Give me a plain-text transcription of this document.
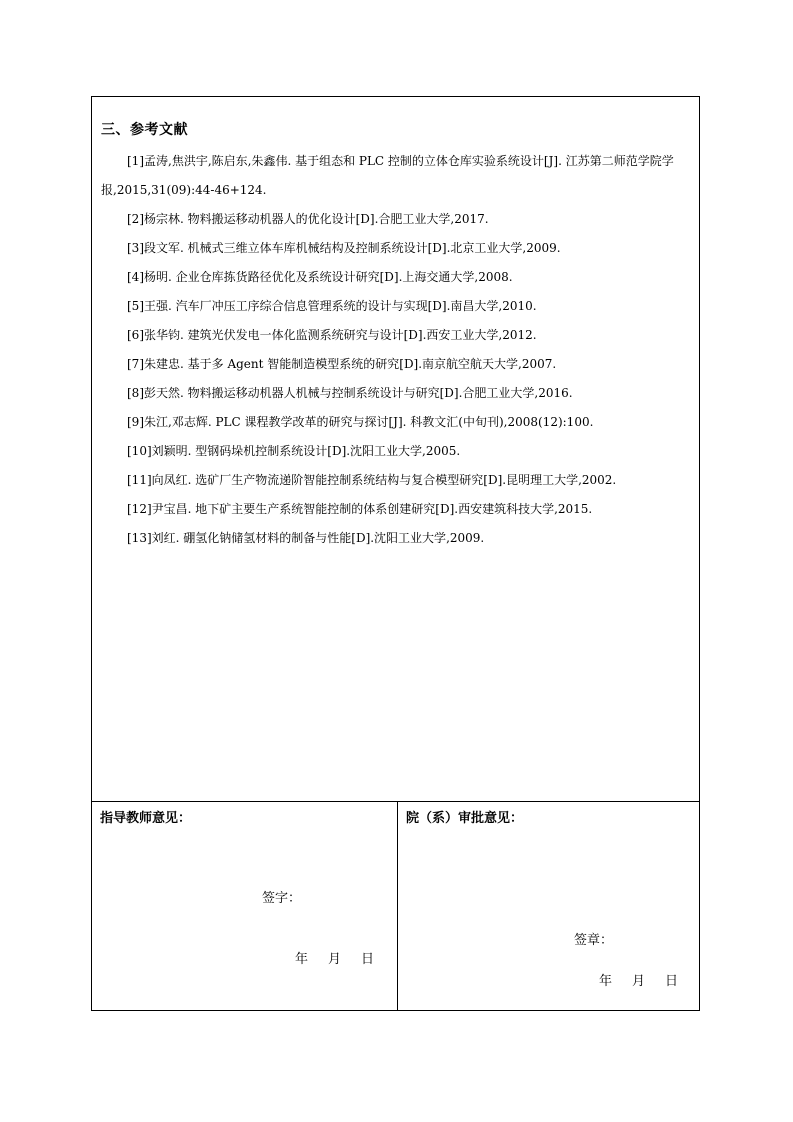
三、参考文献
[1]孟涛,焦洪宇,陈启东,朱鑫伟. 基于组态和 PLC 控制的立体仓库实验系统设计[J]. 江苏第二师范学院学报,2015,31(09):44-46+124.
[2]杨宗林. 物料搬运移动机器人的优化设计[D].合肥工业大学,2017.
[3]段文军. 机械式三维立体车库机械结构及控制系统设计[D].北京工业大学,2009.
[4]杨明. 企业仓库拣货路径优化及系统设计研究[D].上海交通大学,2008.
[5]王强. 汽车厂冲压工序综合信息管理系统的设计与实现[D].南昌大学,2010.
[6]张华钧. 建筑光伏发电一体化监测系统研究与设计[D].西安工业大学,2012.
[7]朱建忠. 基于多 Agent 智能制造模型系统的研究[D].南京航空航天大学,2007.
[8]彭天然. 物料搬运移动机器人机械与控制系统设计与研究[D].合肥工业大学,2016.
[9]朱江,邓志辉. PLC 课程教学改革的研究与探讨[J]. 科教文汇(中旬刊),2008(12):100.
[10]刘颖明. 型钢码垛机控制系统设计[D].沈阳工业大学,2005.
[11]向凤红. 选矿厂生产物流递阶智能控制系统结构与复合模型研究[D].昆明理工大学,2002.
[12]尹宝昌. 地下矿主要生产系统智能控制的体系创建研究[D].西安建筑科技大学,2015.
[13]刘红. 硼氢化钠储氢材料的制备与性能[D].沈阳工业大学,2009.
指导教师意见：
签字：
年 月 日
院（系）审批意见：
签章：
年 月 日
